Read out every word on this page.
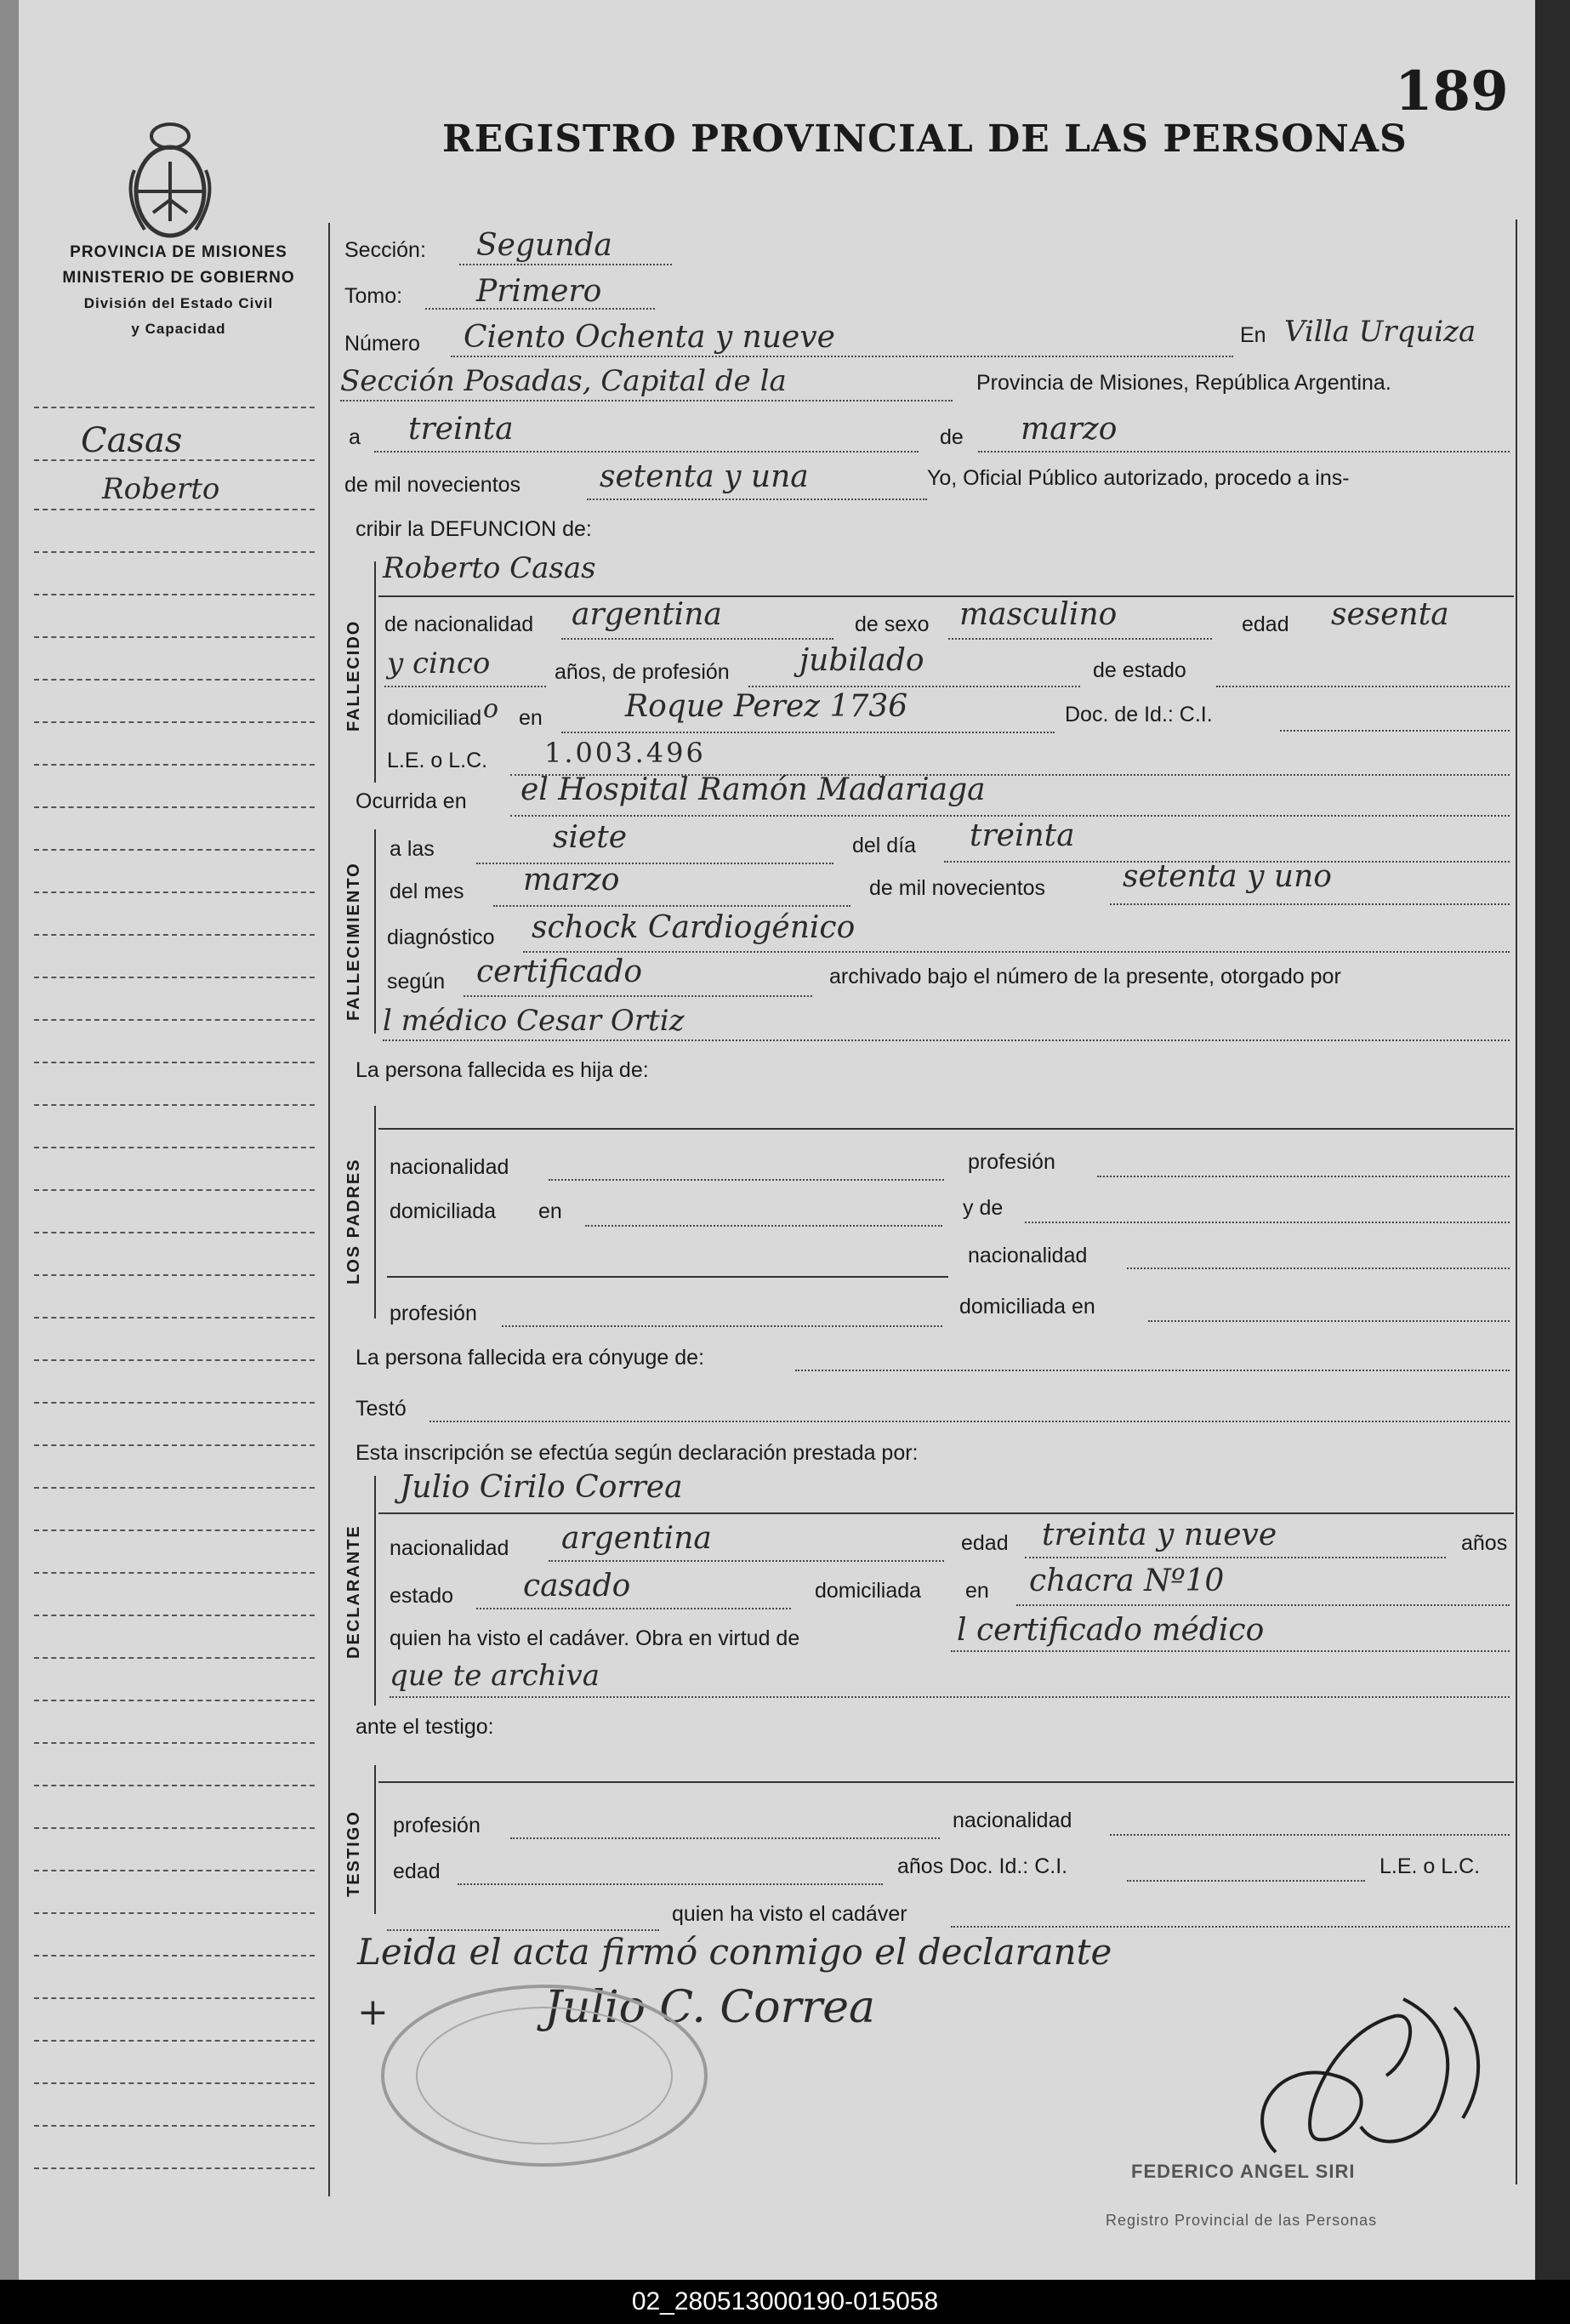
189
REGISTRO PROVINCIAL DE LAS PERSONAS
PROVINCIA DE MISIONES
MINISTERIO DE GOBIERNO
División del Estado Civil
y Capacidad
Casas
Roberto
Sección: Segunda
Tomo: Primero
Número Ciento Ochenta y nueve	En Villa Urquiza
Sección Posadas, Capital de la	Provincia de Misiones, República Argentina.
a treinta	de marzo
de mil novecientos	setenta y una	Yo, Oficial Público autorizado, procedo a ins-
cribir la DEFUNCION de:
FALLECIDO
Roberto Casas
de nacionalidad argentina	de sexo masculino	edad sesenta
y cinco	años, de profesión jubilado	de estado
domiciliad o en	Roque Perez 1736	Doc. de Id.: C.I.
L.E. o L.C. 1.003.496
Ocurrida en el Hospital Ramón Madariaga
FALLECIMIENTO
a las	siete	del día treinta
del mes marzo	de mil novecientos	setenta y uno
diagnóstico schock Cardiogénico
según certificado	archivado bajo el número de la presente, otorgado por
l médico Cesar Ortiz
La persona fallecida es hija de:
LOS PADRES nacionalidad	profesión
domiciliada en	y de
nacionalidad
profesión	domiciliada en
La persona fallecida era cónyuge de:
Testó
Esta inscripción se efectúa según declaración prestada por:
DECLARANTE
Julio Cirilo Correa
nacionalidad argentina	edad treinta y nueve	años
estado casado	domiciliada en chacra Nº10
quien ha visto el cadáver. Obra en virtud de	l certificado médico
que te archiva
ante el testigo:
TESTIGO profesión	nacionalidad
edad	años Doc. Id.: C.I.	L.E. o L.C.
quien ha visto el cadáver
Leida el acta firmó conmigo el declarante
+	Julio C. Correa
FEDERICO ANGEL SIRI
Registro Provincial de las Personas
02_280513000190-015058
